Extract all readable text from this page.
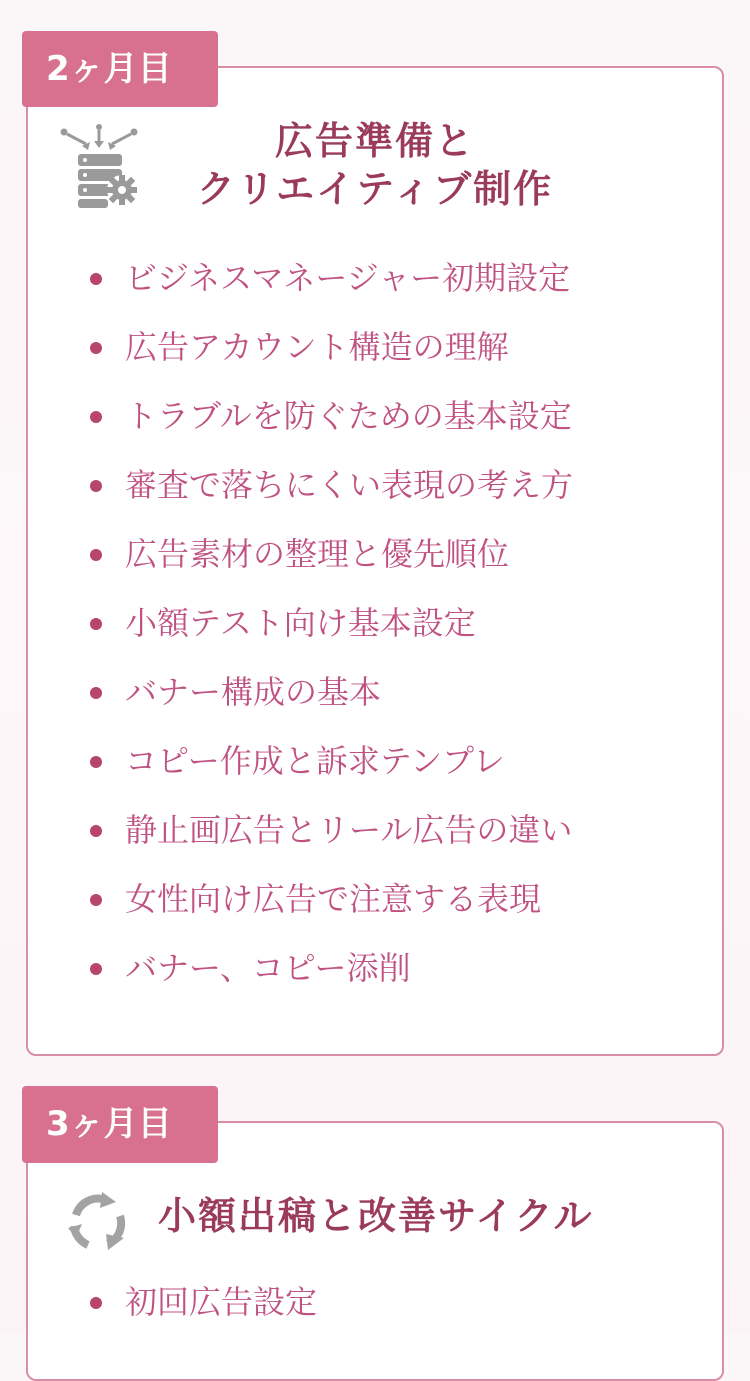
2ヶ月目
広告準備と
クリエイティブ制作
ビジネスマネージャー初期設定
広告アカウント構造の理解
トラブルを防ぐための基本設定
審査で落ちにくい表現の考え方
広告素材の整理と優先順位
小額テスト向け基本設定
バナー構成の基本
コピー作成と訴求テンプレ
静止画広告とリール広告の違い
女性向け広告で注意する表現
バナー、コピー添削
3ヶ月目
小額出稿と改善サイクル
初回広告設定
